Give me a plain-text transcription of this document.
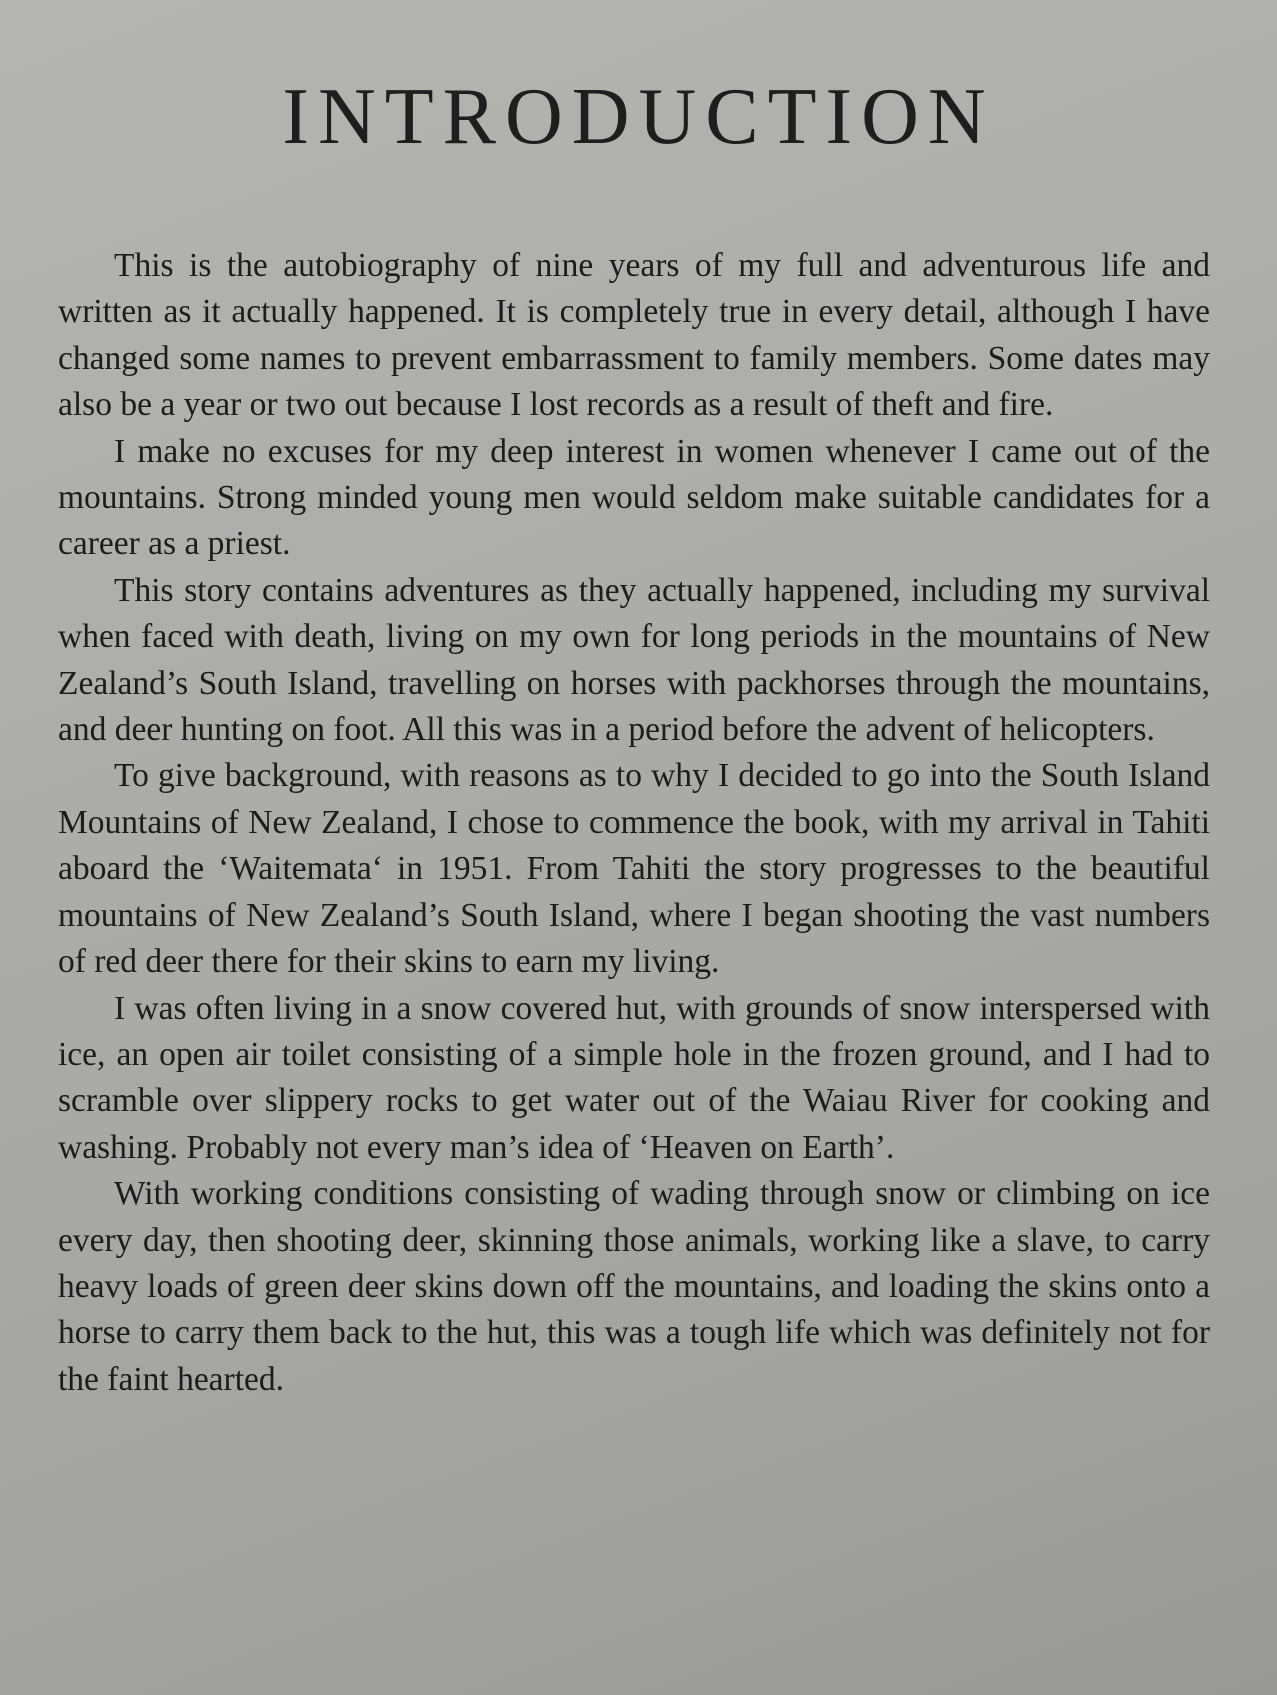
INTRODUCTION

This is the autobiography of nine years of my full and adventurous life and written as it actually happened. It is completely true in every detail, although I have changed some names to prevent embarrassment to family members. Some dates may also be a year or two out because I lost records as a result of theft and fire.

I make no excuses for my deep interest in women whenever I came out of the mountains. Strong minded young men would seldom make suitable candidates for a career as a priest.

This story contains adventures as they actually happened, including my survival when faced with death, living on my own for long periods in the mountains of New Zealand’s South Island, travelling on horses with packhorses through the mountains, and deer hunting on foot. All this was in a period before the advent of helicopters.

To give background, with reasons as to why I decided to go into the South Island Mountains of New Zealand, I chose to commence the book, with my arrival in Tahiti aboard the ‘Waitemata‘ in 1951. From Tahiti the story progresses to the beautiful mountains of New Zealand’s South Island, where I began shooting the vast numbers of red deer there for their skins to earn my living.

I was often living in a snow covered hut, with grounds of snow interspersed with ice, an open air toilet consisting of a simple hole in the frozen ground, and I had to scramble over slippery rocks to get water out of the Waiau River for cooking and washing. Probably not every man’s idea of ‘Heaven on Earth’.

With working conditions consisting of wading through snow or climbing on ice every day, then shooting deer, skinning those animals, working like a slave, to carry heavy loads of green deer skins down off the mountains, and loading the skins onto a horse to carry them back to the hut, this was a tough life which was definitely not for the faint hearted.
